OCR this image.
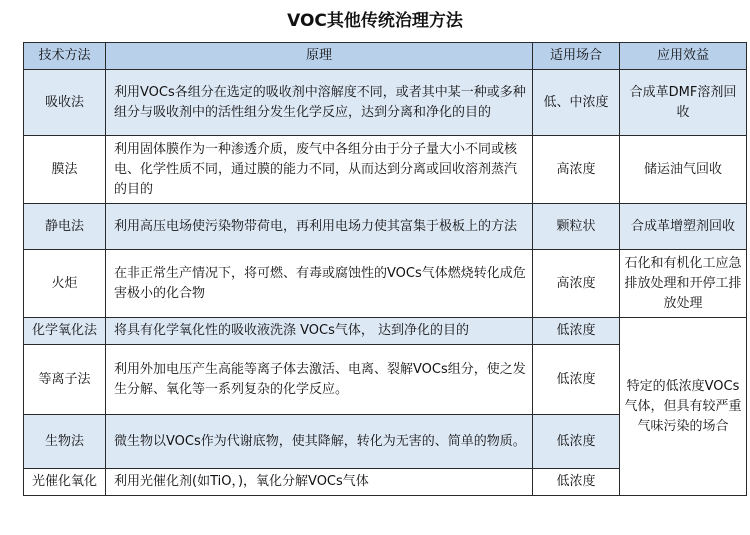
VOC其他传统治理方法
技术方法	原理	适用场合	应用效益
吸收法	利用VOCs各组分在选定的吸收剂中溶解度不同，或者其中某一种或多种组分与吸收剂中的活性组分发生化学反应，达到分离和净化的目的	低、中浓度	合成革DMF溶剂回收
膜法	利用固体膜作为一种渗透介质，废气中各组分由于分子量大小不同或核电、化学性质不同，通过膜的能力不同，从而达到分离或回收溶剂蒸汽的目的	高浓度	储运油气回收
静电法	利用高压电场使污染物带荷电，再利用电场力使其富集于极板上的方法	颗粒状	合成革增塑剂回收
火炬	在非正常生产情况下，将可燃、有毒或腐蚀性的VOCs气体燃烧转化成危害极小的化合物	高浓度	石化和有机化工应急排放处理和开停工排放处理
化学氧化法	将具有化学氧化性的吸收液洗涤 VOCs气体， 达到净化的目的	低浓度	特定的低浓度VOCs气体，但具有较严重气味污染的场合
等离子法	利用外加电压产生高能等离子体去激活、电离、裂解VOCs组分，使之发生分解、氧化等一系列复杂的化学反应。	低浓度	
生物法	微生物以VOCs作为代谢底物，使其降解，转化为无害的、简单的物质。	低浓度	
光催化氧化	利用光催化剂(如TiO，)，氧化分解VOCs气体	低浓度	
